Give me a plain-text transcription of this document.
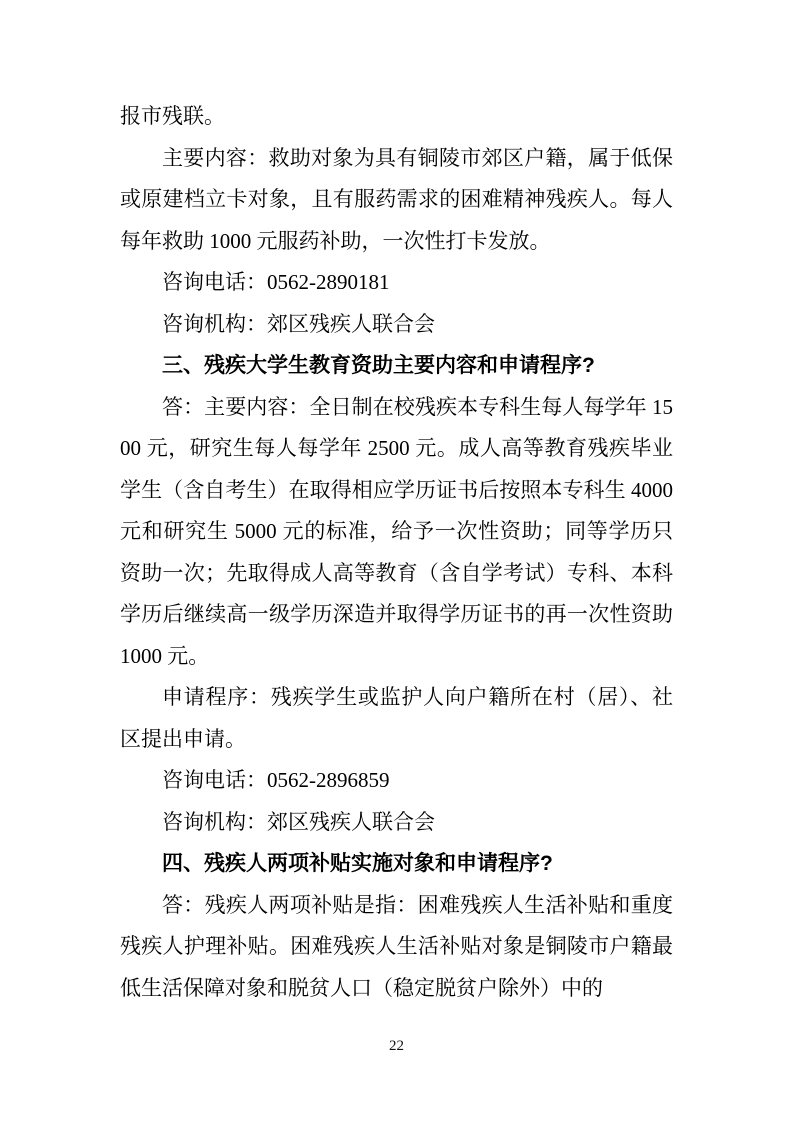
报市残联。

主要内容：救助对象为具有铜陵市郊区户籍，属于低保或原建档立卡对象，且有服药需求的困难精神残疾人。每人每年救助 1000 元服药补助，一次性打卡发放。

咨询电话：0562-2890181

咨询机构：郊区残疾人联合会

三、残疾大学生教育资助主要内容和申请程序?

答：主要内容：全日制在校残疾本专科生每人每学年 1500 元，研究生每人每学年 2500 元。成人高等教育残疾毕业学生（含自考生）在取得相应学历证书后按照本专科生 4000 元和研究生 5000 元的标准，给予一次性资助；同等学历只资助一次；先取得成人高等教育（含自学考试）专科、本科学历后继续高一级学历深造并取得学历证书的再一次性资助 1000 元。

申请程序：残疾学生或监护人向户籍所在村（居）、社区提出申请。

咨询电话：0562-2896859

咨询机构：郊区残疾人联合会

四、残疾人两项补贴实施对象和申请程序?

答：残疾人两项补贴是指：困难残疾人生活补贴和重度残疾人护理补贴。困难残疾人生活补贴对象是铜陵市户籍最低生活保障对象和脱贫人口（稳定脱贫户除外）中的

22
